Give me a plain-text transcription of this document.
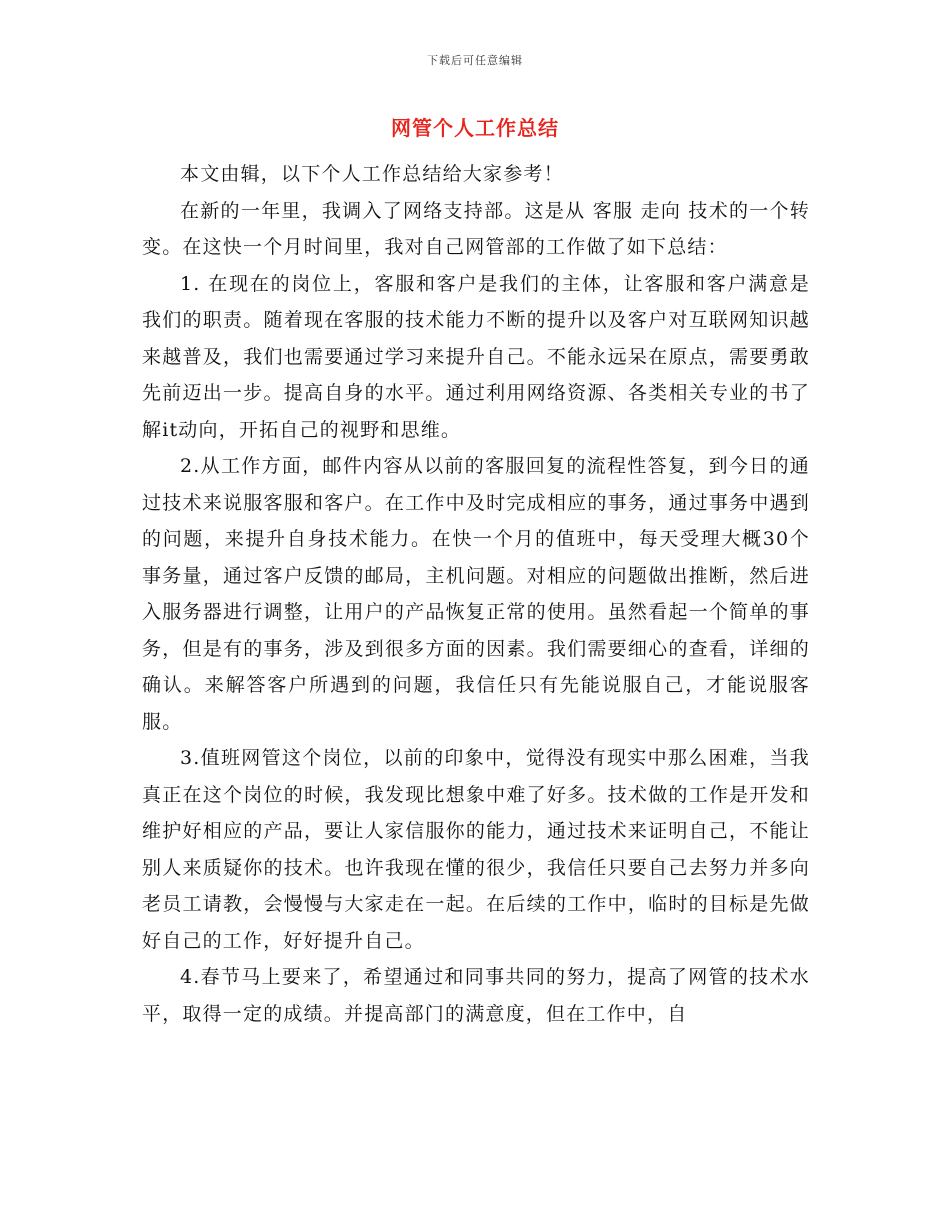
下载后可任意编辑
网管个人工作总结

本文由辑，以下个人工作总结给大家参考！

在新的一年里，我调入了网络支持部。这是从 客服 走向 技术的一个转变。在这快一个月时间里，我对自己网管部的工作做了如下总结：

1. 在现在的岗位上，客服和客户是我们的主体，让客服和客户满意是我们的职责。随着现在客服的技术能力不断的提升以及客户对互联网知识越来越普及，我们也需要通过学习来提升自己。不能永远呆在原点，需要勇敢先前迈出一步。提高自身的水平。通过利用网络资源、各类相关专业的书了解it动向，开拓自己的视野和思维。

2.从工作方面，邮件内容从以前的客服回复的流程性答复，到今日的通过技术来说服客服和客户。在工作中及时完成相应的事务，通过事务中遇到的问题，来提升自身技术能力。在快一个月的值班中，每天受理大概30个事务量，通过客户反馈的邮局，主机问题。对相应的问题做出推断，然后进入服务器进行调整，让用户的产品恢复正常的使用。虽然看起一个简单的事务，但是有的事务，涉及到很多方面的因素。我们需要细心的查看，详细的确认。来解答客户所遇到的问题，我信任只有先能说服自己，才能说服客服。

3.值班网管这个岗位，以前的印象中，觉得没有现实中那么困难，当我真正在这个岗位的时候，我发现比想象中难了好多。技术做的工作是开发和维护好相应的产品，要让人家信服你的能力，通过技术来证明自己，不能让别人来质疑你的技术。也许我现在懂的很少，我信任只要自己去努力并多向老员工请教，会慢慢与大家走在一起。在后续的工作中，临时的目标是先做好自己的工作，好好提升自己。

4.春节马上要来了，希望通过和同事共同的努力，提高了网管的技术水平，取得一定的成绩。并提高部门的满意度，但在工作中，自
